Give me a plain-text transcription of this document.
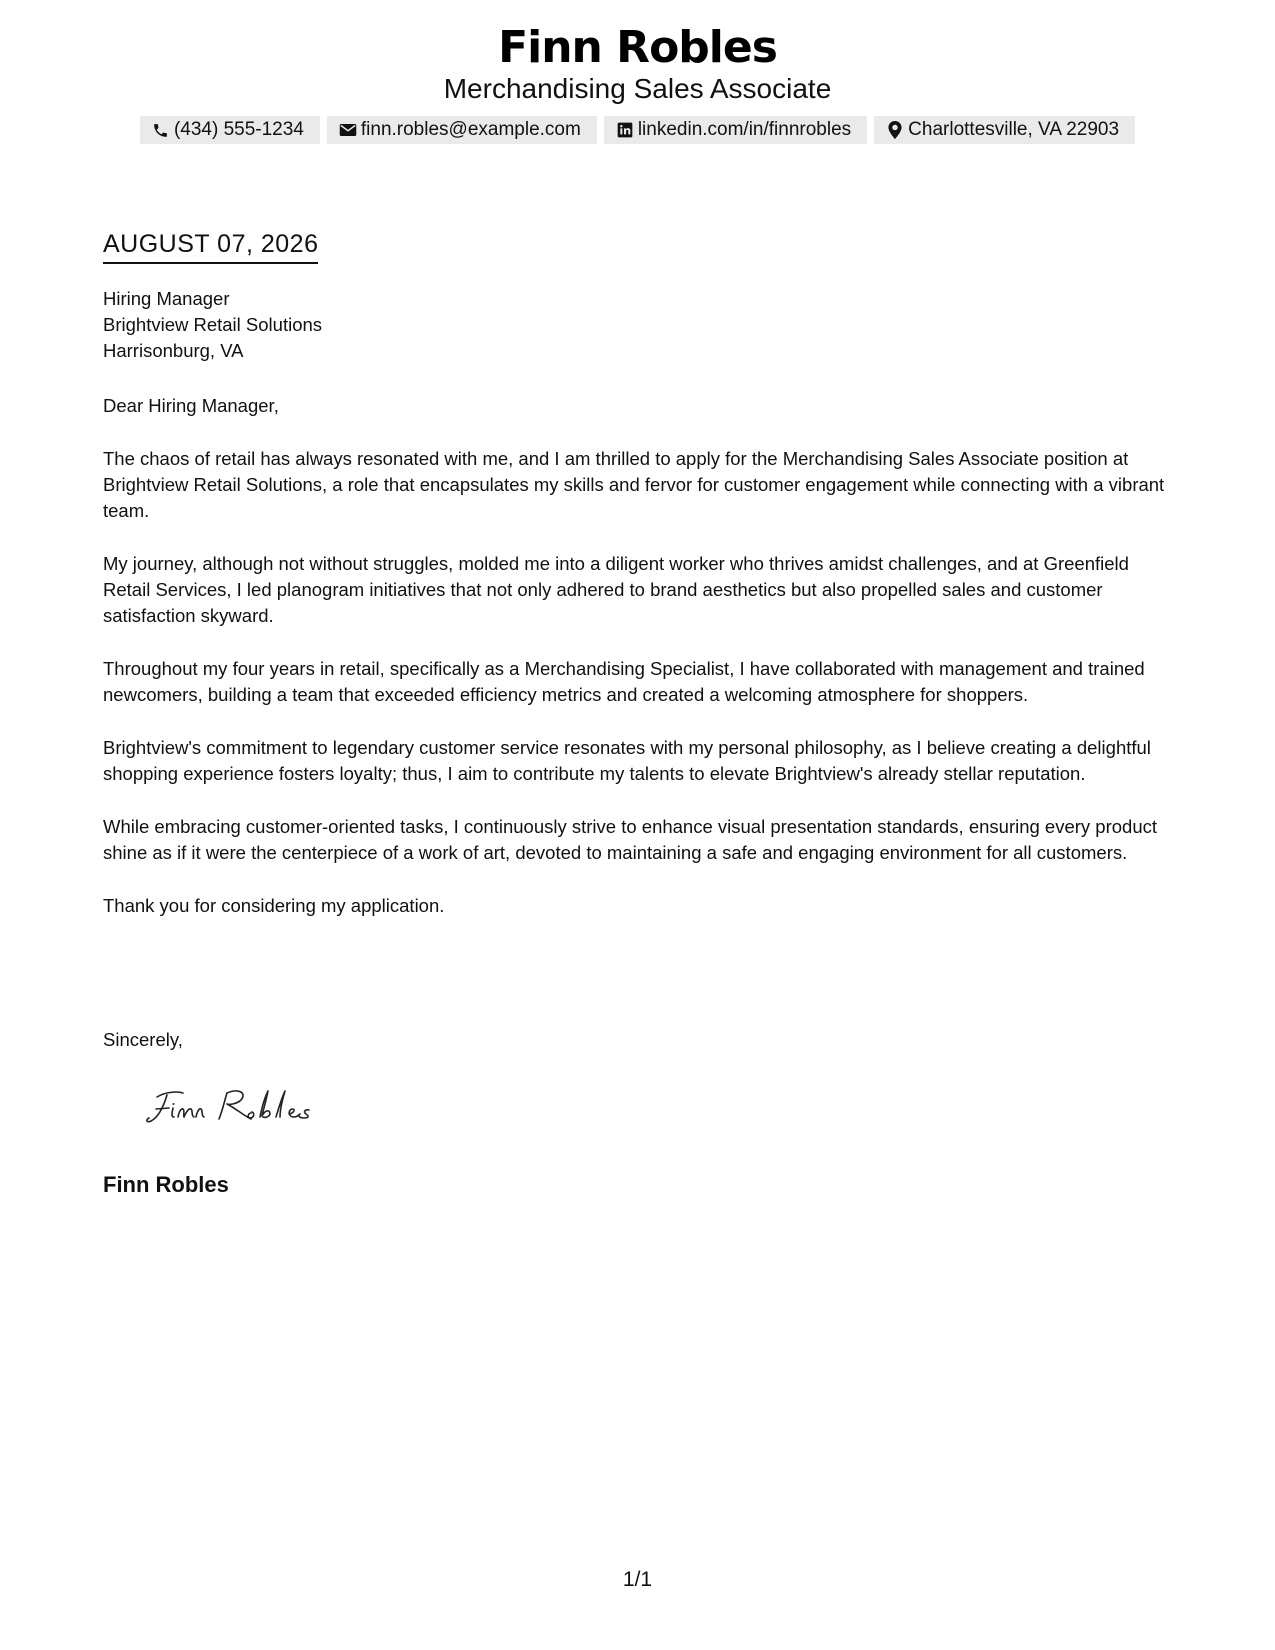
Finn Robles
Merchandising Sales Associate
(434) 555-1234	finn.robles@example.com	linkedin.com/in/finnrobles	Charlottesville, VA 22903
AUGUST 07, 2026
Hiring Manager
Brightview Retail Solutions
Harrisonburg, VA

Dear Hiring Manager,

The chaos of retail has always resonated with me, and I am thrilled to apply for the Merchandising Sales Associate position at Brightview Retail Solutions, a role that encapsulates my skills and fervor for customer engagement while connecting with a vibrant team.

My journey, although not without struggles, molded me into a diligent worker who thrives amidst challenges, and at Greenfield Retail Services, I led planogram initiatives that not only adhered to brand aesthetics but also propelled sales and customer satisfaction skyward.

Throughout my four years in retail, specifically as a Merchandising Specialist, I have collaborated with management and trained newcomers, building a team that exceeded efficiency metrics and created a welcoming atmosphere for shoppers.

Brightview's commitment to legendary customer service resonates with my personal philosophy, as I believe creating a delightful shopping experience fosters loyalty; thus, I aim to contribute my talents to elevate Brightview's already stellar reputation.

While embracing customer-oriented tasks, I continuously strive to enhance visual presentation standards, ensuring every product shine as if it were the centerpiece of a work of art, devoted to maintaining a safe and engaging environment for all customers.

Thank you for considering my application.

Sincerely,
Finn Robles
1/1
